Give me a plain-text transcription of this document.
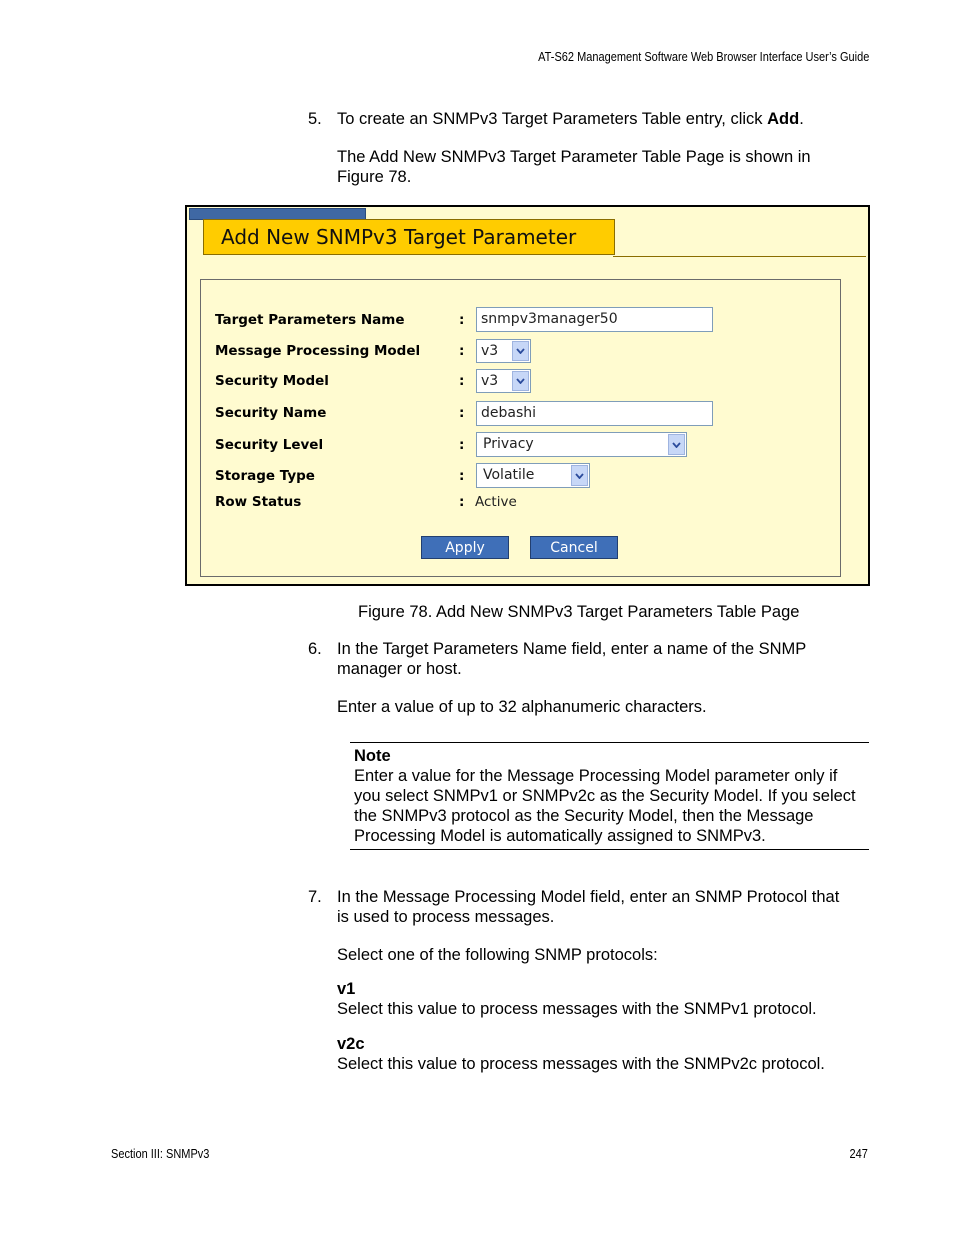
AT-S62 Management Software Web Browser Interface User’s Guide
5. To create an SNMPv3 Target Parameters Table entry, click Add.
The Add New SNMPv3 Target Parameter Table Page is shown in
Figure 78.
Add New SNMPv3 Target Parameter
Target Parameters Name	:	snmpv3manager50
Message Processing Model	: v3
Security Model	: v3
Security Name	:	debashi
Security Level	: Privacy
Storage Type	: Volatile
Row Status	: Active
Apply	Cancel
Figure 78. Add New SNMPv3 Target Parameters Table Page
6. In the Target Parameters Name field, enter a name of the SNMP
manager or host.
Enter a value of up to 32 alphanumeric characters.
Note
Enter a value for the Message Processing Model parameter only if
you select SNMPv1 or SNMPv2c as the Security Model. If you select
the SNMPv3 protocol as the Security Model, then the Message
Processing Model is automatically assigned to SNMPv3.
7. In the Message Processing Model field, enter an SNMP Protocol that
is used to process messages.
Select one of the following SNMP protocols:
v1
Select this value to process messages with the SNMPv1 protocol.
v2c
Select this value to process messages with the SNMPv2c protocol.
Section III: SNMPv3	247
